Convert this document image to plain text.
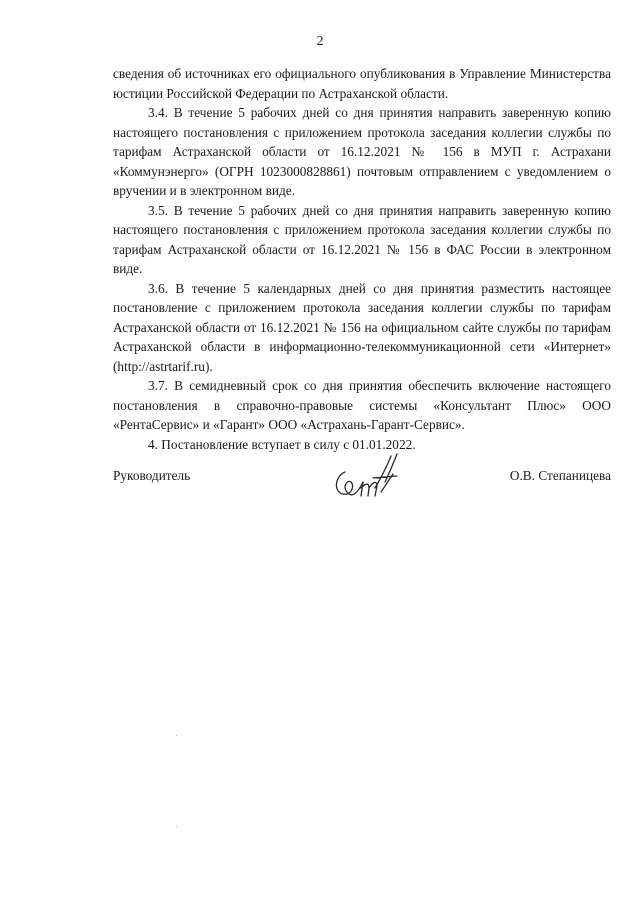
2

сведения об источниках его официального опубликования в Управление Министерства юстиции Российской Федерации по Астраханской области.

3.4. В течение 5 рабочих дней со дня принятия направить заверенную копию настоящего постановления с приложением протокола заседания коллегии службы по тарифам Астраханской области от 16.12.2021 № 156 в МУП г. Астрахани «Коммунэнерго» (ОГРН 1023000828861) почтовым отправлением с уведомлением о вручении и в электронном виде.

3.5. В течение 5 рабочих дней со дня принятия направить заверенную копию настоящего постановления с приложением протокола заседания коллегии службы по тарифам Астраханской области от 16.12.2021 № 156 в ФАС России в электронном виде.

3.6. В течение 5 календарных дней со дня принятия разместить настоящее постановление с приложением протокола заседания коллегии службы по тарифам Астраханской области от 16.12.2021 № 156 на официальном сайте службы по тарифам Астраханской области в информационно-телекоммуникационной сети «Интернет» (http://astrtarif.ru).

3.7. В семидневный срок со дня принятия обеспечить включение настоящего постановления в справочно-правовые системы «Консультант Плюс» ООО «РентаСервис» и «Гарант» ООО «Астрахань-Гарант-Сервис».

4. Постановление вступает в силу с 01.01.2022.

Руководитель	О.В. Степаницева
